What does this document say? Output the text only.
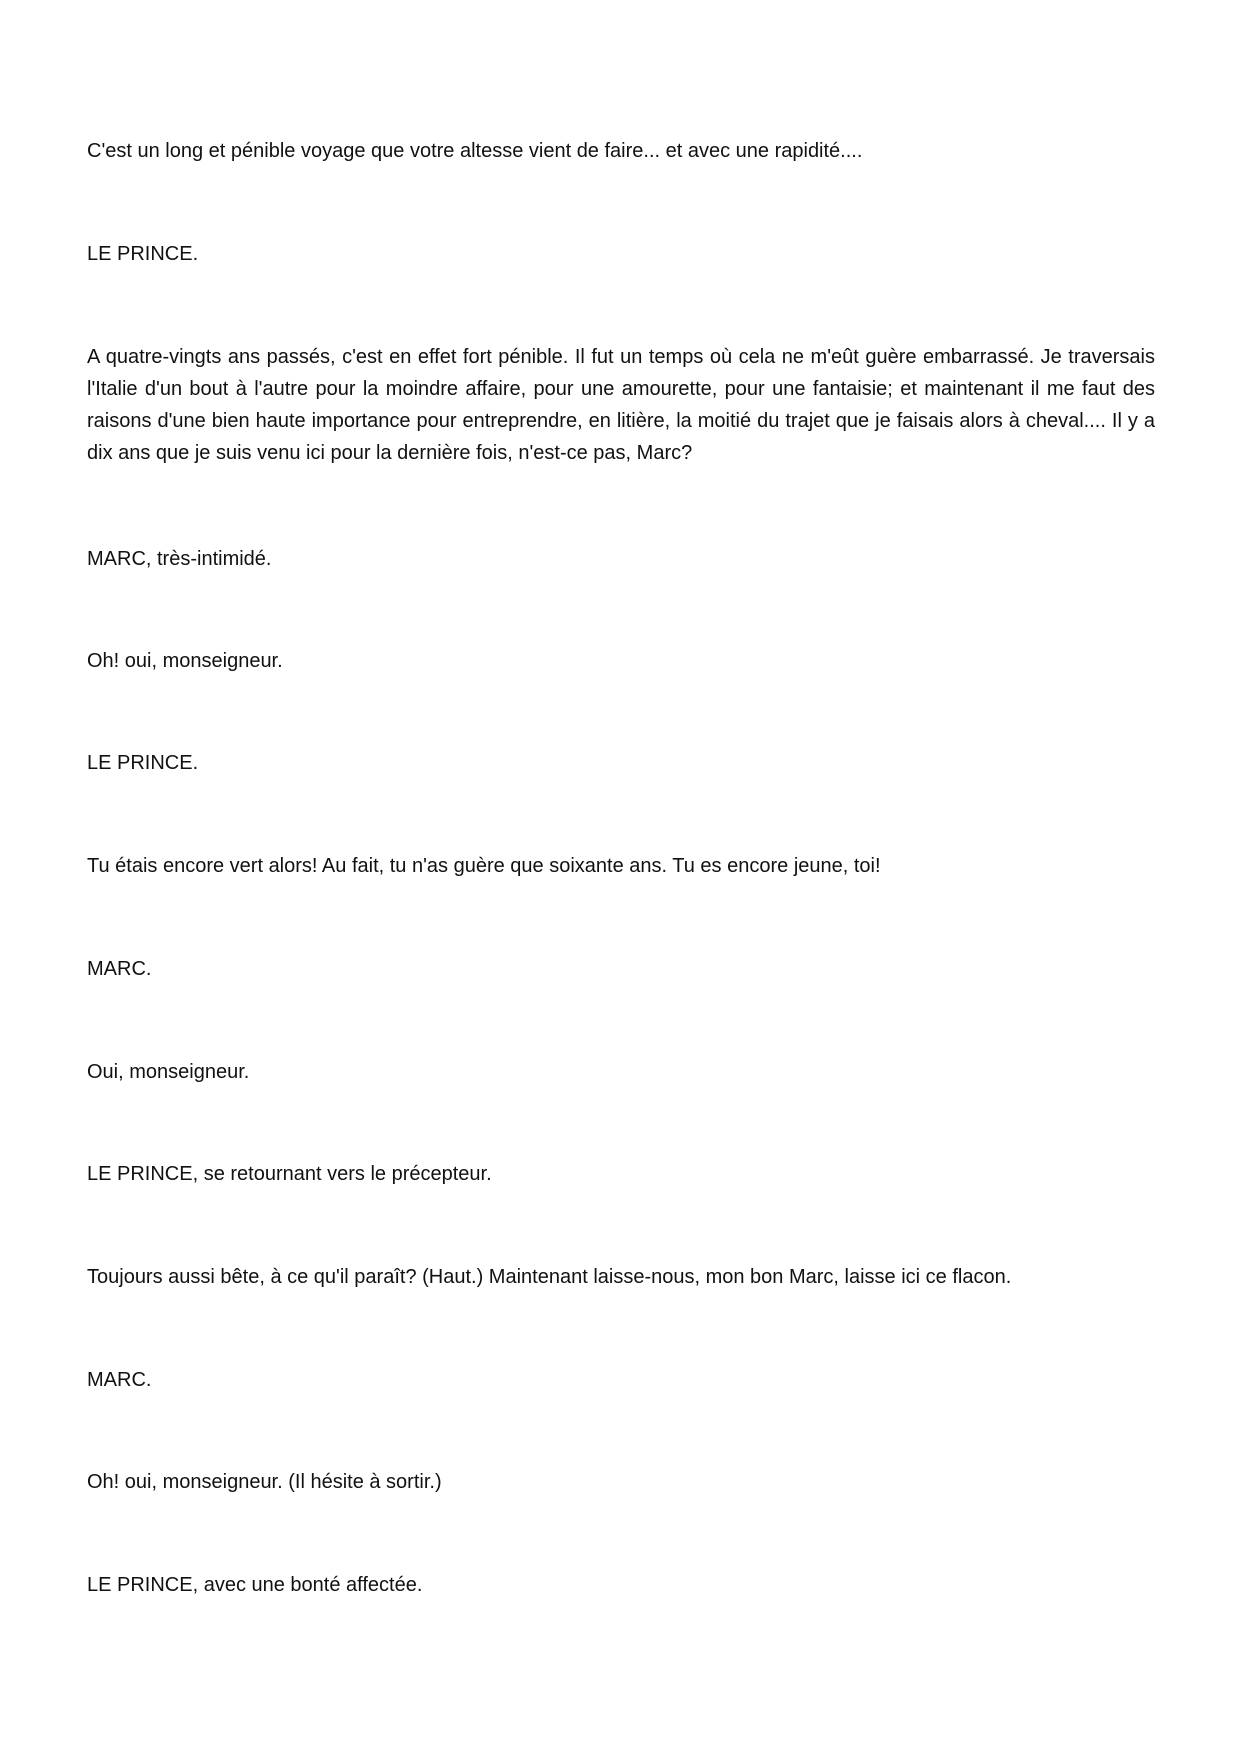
C'est un long et pénible voyage que votre altesse vient de faire... et avec une rapidité....

LE PRINCE.

A quatre-vingts ans passés, c'est en effet fort pénible. Il fut un temps où cela ne m'eût guère embarrassé. Je traversais l'Italie d'un bout à l'autre pour la moindre affaire, pour une amourette, pour une fantaisie; et maintenant il me faut des raisons d'une bien haute importance pour entreprendre, en litière, la moitié du trajet que je faisais alors à cheval.... Il y a dix ans que je suis venu ici pour la dernière fois, n'est-ce pas, Marc?

MARC, très-intimidé.

Oh! oui, monseigneur.

LE PRINCE.

Tu étais encore vert alors! Au fait, tu n'as guère que soixante ans. Tu es encore jeune, toi!

MARC.

Oui, monseigneur.

LE PRINCE, se retournant vers le précepteur.

Toujours aussi bête, à ce qu'il paraît? (Haut.) Maintenant laisse-nous, mon bon Marc, laisse ici ce flacon.

MARC.

Oh! oui, monseigneur. (Il hésite à sortir.)

LE PRINCE, avec une bonté affectée.
